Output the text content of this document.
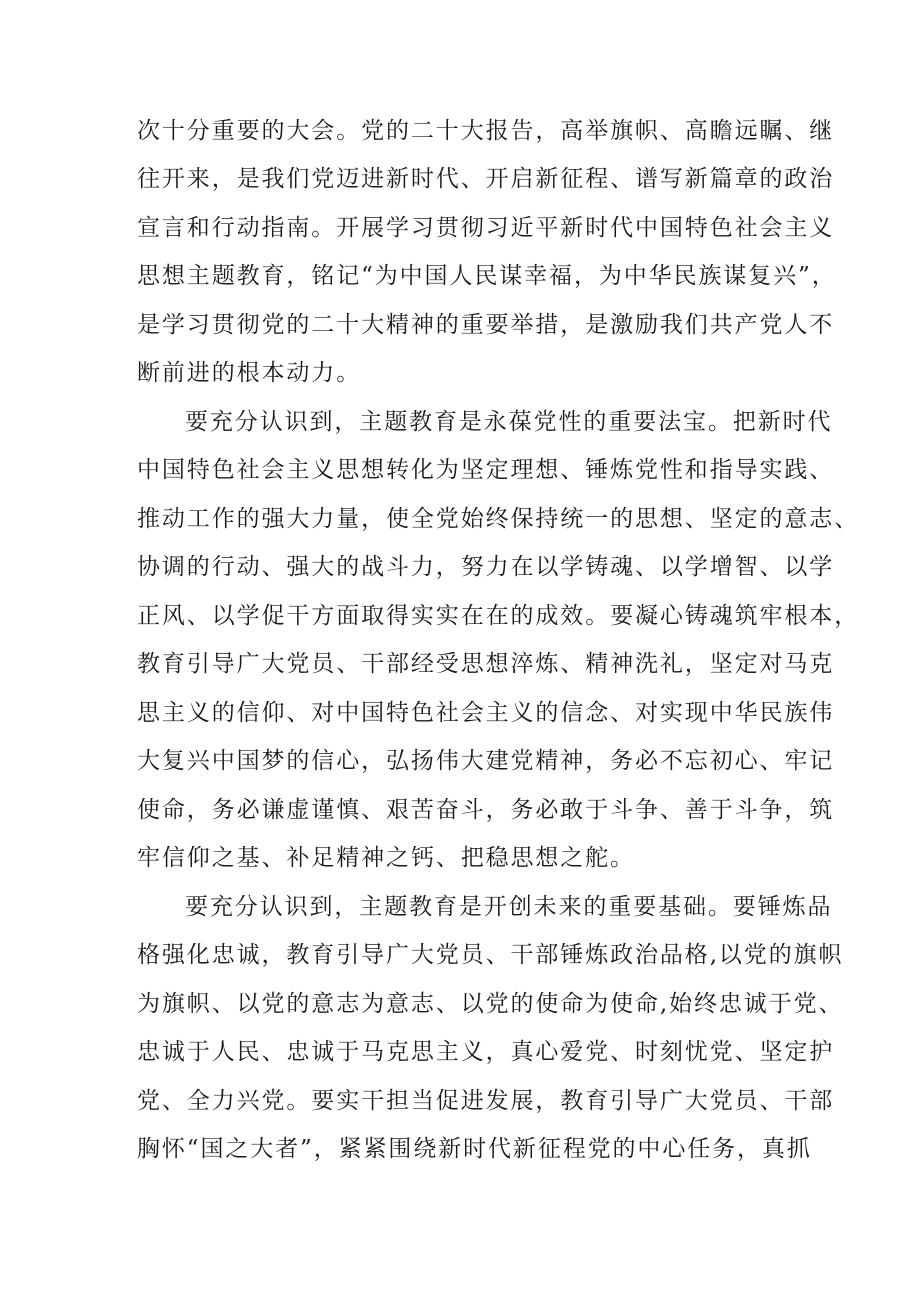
次十分重要的大会。党的二十大报告，高举旗帜、高瞻远瞩、继
往开来，是我们党迈进新时代、开启新征程、谱写新篇章的政治
宣言和行动指南。开展学习贯彻习近平新时代中国特色社会主义
思想主题教育，铭记“为中国人民谋幸福，为中华民族谋复兴”，
是学习贯彻党的二十大精神的重要举措，是激励我们共产党人不
断前进的根本动力。
要充分认识到，主题教育是永葆党性的重要法宝。把新时代
中国特色社会主义思想转化为坚定理想、锤炼党性和指导实践、
推动工作的强大力量，使全党始终保持统一的思想、坚定的意志、
协调的行动、强大的战斗力，努力在以学铸魂、以学增智、以学
正风、以学促干方面取得实实在在的成效。要凝心铸魂筑牢根本，
教育引导广大党员、干部经受思想淬炼、精神洗礼，坚定对马克
思主义的信仰、对中国特色社会主义的信念、对实现中华民族伟
大复兴中国梦的信心，弘扬伟大建党精神，务必不忘初心、牢记
使命，务必谦虚谨慎、艰苦奋斗，务必敢于斗争、善于斗争，筑
牢信仰之基、补足精神之钙、把稳思想之舵。
要充分认识到，主题教育是开创未来的重要基础。要锤炼品
格强化忠诚，教育引导广大党员、干部锤炼政治品格,以党的旗帜
为旗帜、以党的意志为意志、以党的使命为使命,始终忠诚于党、
忠诚于人民、忠诚于马克思主义，真心爱党、时刻忧党、坚定护
党、全力兴党。要实干担当促进发展，教育引导广大党员、干部
胸怀“国之大者”，紧紧围绕新时代新征程党的中心任务，真抓
